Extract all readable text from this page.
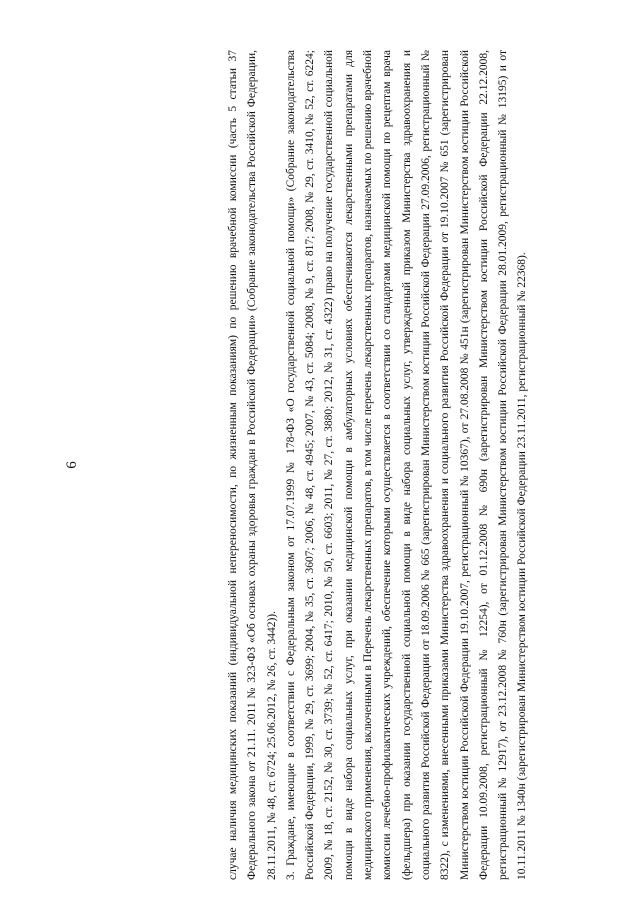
6	случае наличия медицинских показаний (индивидуальной непереносимости, по жизненным показаниям) по решению врачебной комиссии (часть 5 статьи 37 Федерального закона от 21.11. 2011 № 323-ФЗ «Об основах охраны здоровья граждан в Российской Федерации» (Собрание законодательства Российской Федерации, 28.11.2011, № 48, ст. 6724; 25.06.2012, № 26, ст. 3442)). 3. Граждане, имеющие в соответствии с Федеральным законом от 17.07.1999 № 178-ФЗ «О государственной социальной помощи» (Собрание законодательства Российской Федерации, 1999, № 29, ст. 3699; 2004, № 35, ст. 3607; 2006, № 48, ст. 4945; 2007, № 43, ст. 5084; 2008, № 9, ст. 817; 2008, № 29, ст. 3410, № 52, ст. 6224; 2009, № 18, ст. 2152, № 30, ст. 3739; № 52, ст. 6417; 2010, № 50, ст. 6603; 2011, № 27, ст. 3880; 2012, № 31, ст. 4322) право на получение государственной социальной помощи в виде набора социальных услуг, при оказании медицинской помощи в амбулаторных условиях обеспечиваются лекарственными препаратами для медицинского применения, включенными в Перечень лекарственных препаратов, в том числе перечень лекарственных препаратов, назначаемых по решению врачебной комиссии лечебно-профилактических учреждений, обеспечение которыми осуществляется в соответствии со стандартами медицинской помощи по рецептам врача (фельдшера) при оказании государственной социальной помощи в виде набора социальных услуг, утвержденный приказом Министерства здравоохранения и социального развития Российской Федерации от 18.09.2006 № 665 (зарегистрирован Министерством юстиции Российской Федерации 27.09.2006, регистрационный № 8322), с изменениями, внесенными приказами Министерства здравоохранения и социального развития Российской Федерации от 19.10.2007 № 651 (зарегистрирован Министерством юстиции Российской Федерации 19.10.2007, регистрационный № 10367), от 27.08.2008 № 451н (зарегистрирован Министерством юстиции Российской Федерации 10.09.2008, регистрационный № 12254), от 01.12.2008 № 690н (зарегистрирован Министерством юстиции Российской Федерации 22.12.2008, регистрационный № 12917), от 23.12.2008 № 760н (зарегистрирован Министерством юстиции Российской Федерации 28.01.2009, регистрационный № 13195) и от 10.11.2011 № 1340н (зарегистрирован Министерством юстиции Российской Федерации 23.11.2011, регистрационный № 22368).
